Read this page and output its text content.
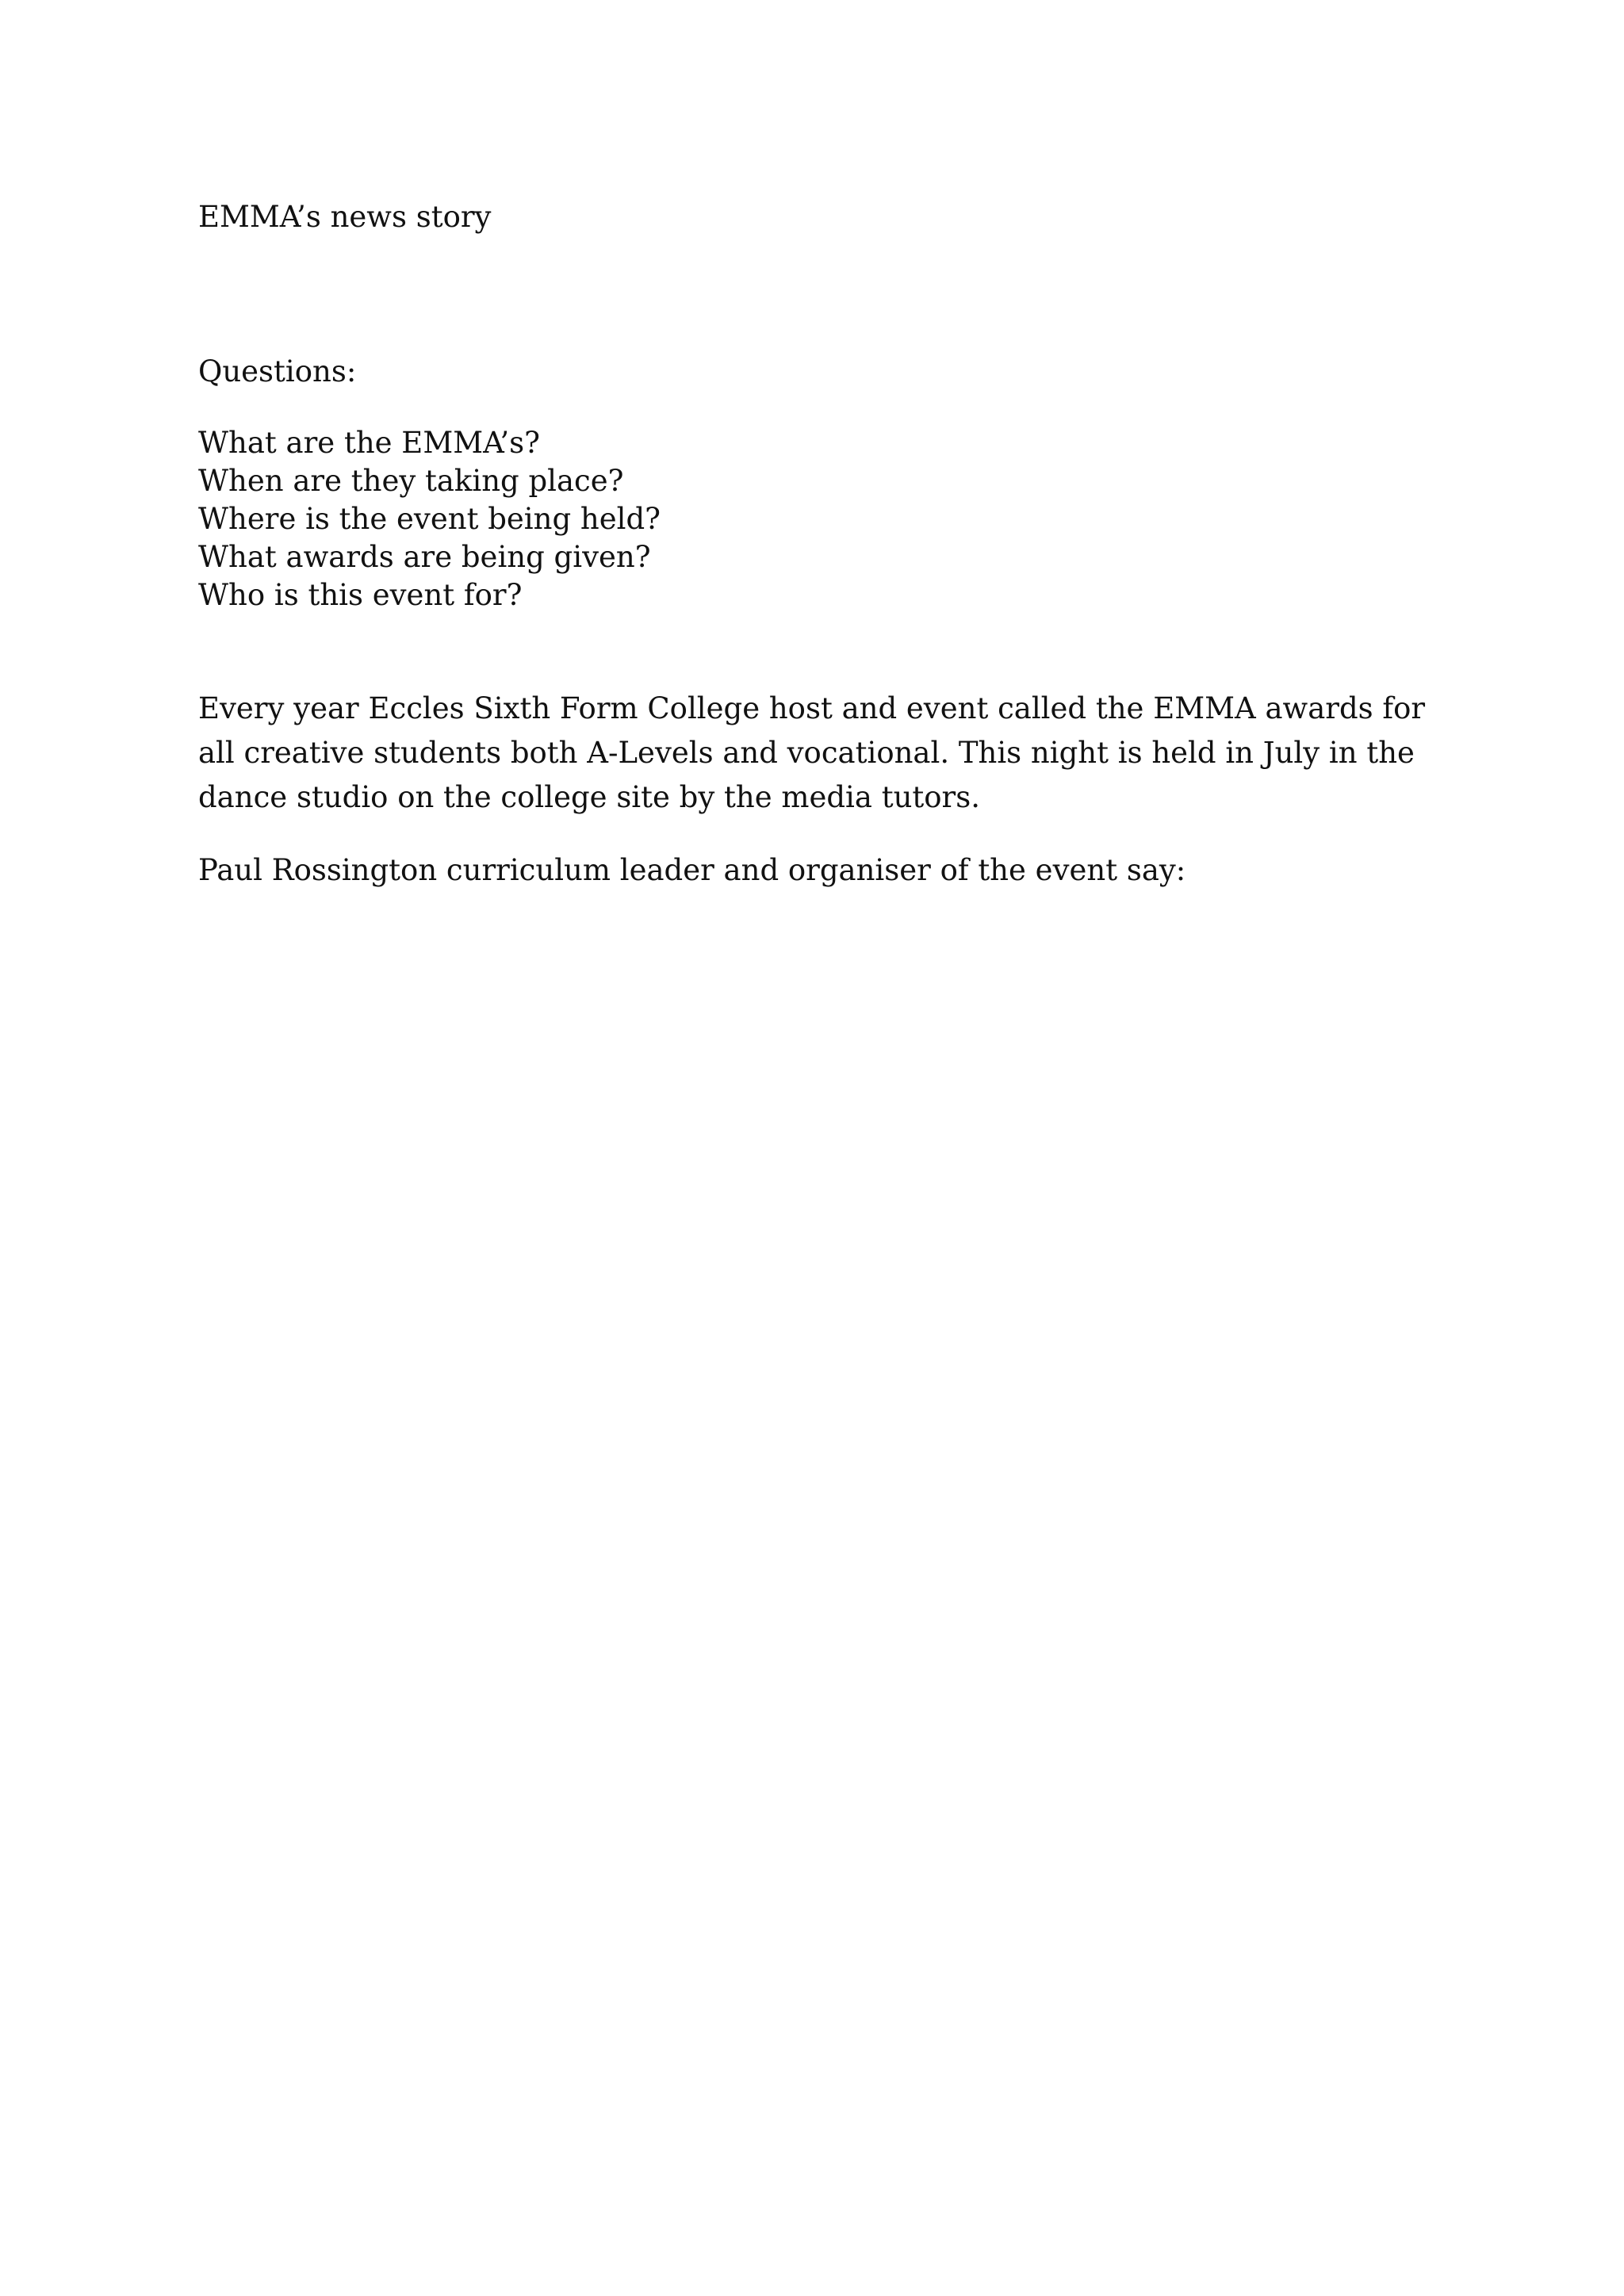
EMMA’s news story

Questions:

What are the EMMA’s?
When are they taking place?
Where is the event being held?
What awards are being given?
Who is this event for?

Every year Eccles Sixth Form College host and event called the EMMA awards for all creative students both A-Levels and vocational. This night is held in July in the dance studio on the college site by the media tutors.

Paul Rossington curriculum leader and organiser of the event say:
